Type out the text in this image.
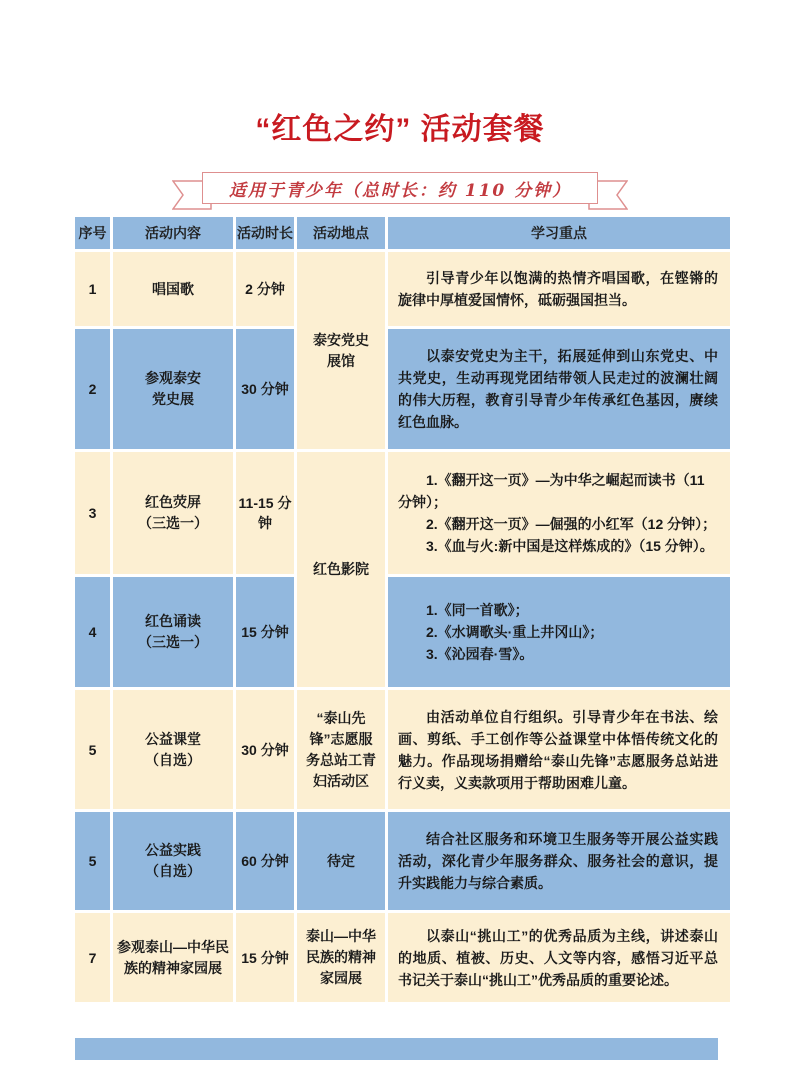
“红色之约” 活动套餐
适用于青少年（总时长：约 110 分钟）
序号	活动内容	活动时长	活动地点	学习重点
1	唱国歌	2 分钟	泰安党史展馆	引导青少年以饱满的热情齐唱国歌，在铿锵的旋律中厚植爱国情怀，砥砺强国担当。

2	参观泰安党史展	30 分钟		以泰安党史为主干，拓展延伸到山东党史、中共党史，生动再现党团结带领人民走过的波澜壮阔的伟大历程，教育引导青少年传承红色基因，赓续红色血脉。

3	红色荧屏（三选一）	11-15 分钟	红色影院	1.《翻开这一页》—为中华之崛起而读书（11 分钟）；
2.《翻开这一页》—倔强的小红军（12 分钟）；
3.《血与火:新中国是这样炼成的》（15 分钟）。

4	红色诵读（三选一）	15 分钟		1.《同一首歌》；
2.《水调歌头·重上井冈山》；
3.《沁园春·雪》。

5	公益课堂（自选）	30 分钟	“泰山先锋”志愿服务总站工青妇活动区	由活动单位自行组织。引导青少年在书法、绘画、剪纸、手工创作等公益课堂中体悟传统文化的魅力。作品现场捐赠给“泰山先锋”志愿服务总站进行义卖，义卖款项用于帮助困难儿童。

5	公益实践（自选）	60 分钟	待定	结合社区服务和环境卫生服务等开展公益实践活动，深化青少年服务群众、服务社会的意识，提升实践能力与综合素质。

7	参观泰山—中华民族的精神家园展	15 分钟	泰山—中华民族的精神家园展	以泰山“挑山工”的优秀品质为主线，讲述泰山的地质、植被、历史、人文等内容，感悟习近平总书记关于泰山“挑山工”优秀品质的重要论述。
